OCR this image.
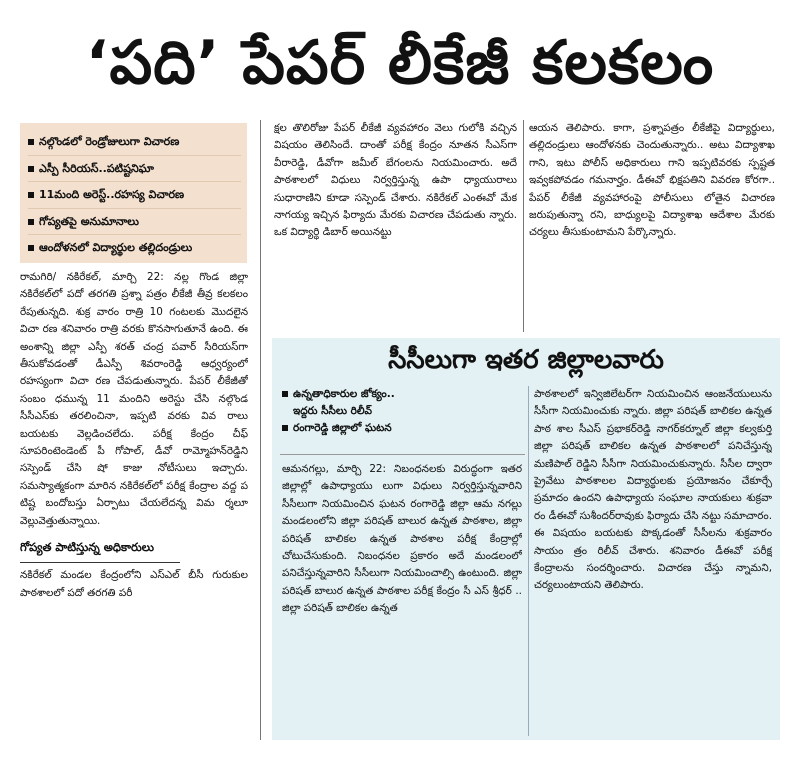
‘పది’ పేపర్ లీకేజీ కలకలం
నల్గొండలో రెండ్రోజులుగా విచారణ
ఎస్పీ సీరియస్..పటిష్టనిఘా
11మంది అరెస్ట్..రహస్య విచారణ
గోప్యతపై అనుమానాలు
ఆందోళనలో విద్యార్థుల తల్లిదండ్రులు

రామగిరి/ నకిరేకల్, మార్చి 22: నల్ల గొండ జిల్లా నకిరేకల్‌లో పదో తరగతి ప్రశ్నా పత్రం లీకేజీ తీవ్ర కలకలం రేపుతున్నది. శుక్ర వారం రాత్రి 10 గంటలకు మొదలైన విచా రణ శనివారం రాత్రి వరకు కొనసాగుతూనే ఉంది. ఈ అంశాన్ని జిల్లా ఎస్పీ శరత్ చంద్ర పవార్ సీరియస్‌గా తీసుకోవడంతో డీఎస్పీ శివరాంరెడ్డి ఆధ్వర్యంలో రహస్యంగా విచా రణ చేపడుతున్నారు. పేపర్ లీకేజీతో సంబం ధమున్న 11 మందిని అరెస్టు చేసి నల్గొండ సీసీఎస్‌కు తరలించినా, ఇప్పటి వరకు వివ రాలు బయటకు వెల్లడించలేదు. పరీక్ష కేంద్రం చీఫ్ సూపరింటెండెంట్ పీ గోపాల్, డీవో రామ్మోహన్‌రెడ్డిని సస్పెండ్ చేసి షో కాజు నోటీసులు ఇచ్చారు. సమస్యాత్మకంగా మారిన నకిరేకల్‌లో పరీక్ష కేంద్రాల వద్ద ప టిష్ట బందోబస్తు ఏర్పాటు చేయలేదన్న విమ ర్శలూ వెల్లువెత్తుతున్నాయి.

గోప్యత పాటిస్తున్న అధికారులు

నకిరేకల్ మండల కేంద్రంలోని ఎస్ఎల్ బీసీ గురుకుల పాఠశాలలో పదో తరగతి పరీ

క్షల తొలిరోజు పేపర్ లీకేజీ వ్యవహారం వెలు గులోకి వచ్చిన విషయం తెలిసిందే. దాంతో పరీక్ష కేంద్రం నూతన సీఎస్‌గా వీరారెడ్డి, డీవోగా జమీల్ బేగంలను నియమించారు. అదే పాఠశాలలో విధులు నిర్వర్తిస్తున్న ఉపా ధ్యాయురాలు సుధారాణిని కూడా సస్పెండ్ చేశారు. నకిరేకల్ ఎంఈవో మేక నాగయ్య ఇచ్చిన ఫిర్యాదు మేరకు విచారణ చేపడుతు న్నారు. ఒక విద్యార్థి డిబార్ అయినట్టు

ఆయన తెలిపారు. కాగా, ప్రశ్నాపత్రం లీకేజీపై విద్యార్థులు, తల్లిదండ్రులు ఆందోళనకు చెందుతున్నారు.. అటు విద్యాశాఖ గాని, ఇటు పోలీస్ అధికారులు గాని ఇప్పటివరకు స్పష్టత ఇవ్వకపోవడం గమనార్హం. డీఈవో భిక్షపతిని వివరణ కోరగా.. పేపర్ లీకేజీ వ్యవహారంపై పోలీసులు లోతైన విచారణ జరుపుతున్నా రని, బాధ్యులపై విద్యాశాఖ ఆదేశాల మేరకు చర్యలు తీసుకుంటామని పేర్కొన్నారు.

సీసీలుగా ఇతర జిల్లాలవారు
ఉన్నతాధికారుల జోక్యం..
ఇద్దరు సీసీలు రిలీవ్
రంగారెడ్డి జిల్లాలో ఘటన

ఆమనగల్లు, మార్చి 22: నిబంధనలకు విరుద్ధంగా ఇతర జిల్లాల్లో ఉపాధ్యాయు లుగా విధులు నిర్వర్తిస్తున్నవారిని సీసీలుగా నియమించిన ఘటన రంగారెడ్డి జిల్లా ఆమ నగల్లు మండలంలోని జిల్లా పరిషత్ బాలుర ఉన్నత పాఠశాల, జిల్లా పరిషత్ బాలికల ఉన్నత పాఠశాల పరీక్ష కేంద్రాల్లో చోటుచేసుకుంది. నిబంధనల ప్రకారం అదే మండలంలో పనిచేస్తున్నవారిని సీసీలుగా నియమించాల్సి ఉంటుంది. జిల్లా పరిషత్ బాలుర ఉన్నత పాఠశాల పరీక్ష కేంద్రం సీ ఎస్ శ్రీధర్ .. జిల్లా పరిషత్ బాలికల ఉన్నత

పాఠశాలలో ఇన్విజిలేటర్‌గా నియమించిన ఆంజనేయులును సీసీగా నియమించుకు న్నారు. జిల్లా పరిషత్ బాలికల ఉన్నత పాఠ శాల సీఎస్ ప్రభాకర్‌రెడ్డి నాగర్‌కర్నూల్ జిల్లా కల్వకుర్తి జిల్లా పరిషత్ బాలికల ఉన్నత పాఠశాలలో పనిచేస్తున్న మణిపాల్ రెడ్డిని సీసీగా నియమించుకున్నారు. సీసీల ద్వారా ప్రైవేటు పాఠశాలల విద్యార్థులకు ప్రయోజనం చేకూర్చే ప్రమాదం ఉందని ఉపాధ్యాయ సంఘాల నాయకులు శుక్రవా రం డీఈవో సుశీందర్‌రావుకు ఫిర్యాదు చేసి నట్టు సమాచారం. ఈ విషయం బయటకు పొక్కడంతో సీసీలను శుక్రవారం సాయం త్రం రిలీవ్ చేశారు. శనివారం డీఈవో పరీక్ష కేంద్రాలను సందర్శించారు. విచారణ చేస్తు న్నామని, చర్యలుంటాయని తెలిపారు.
